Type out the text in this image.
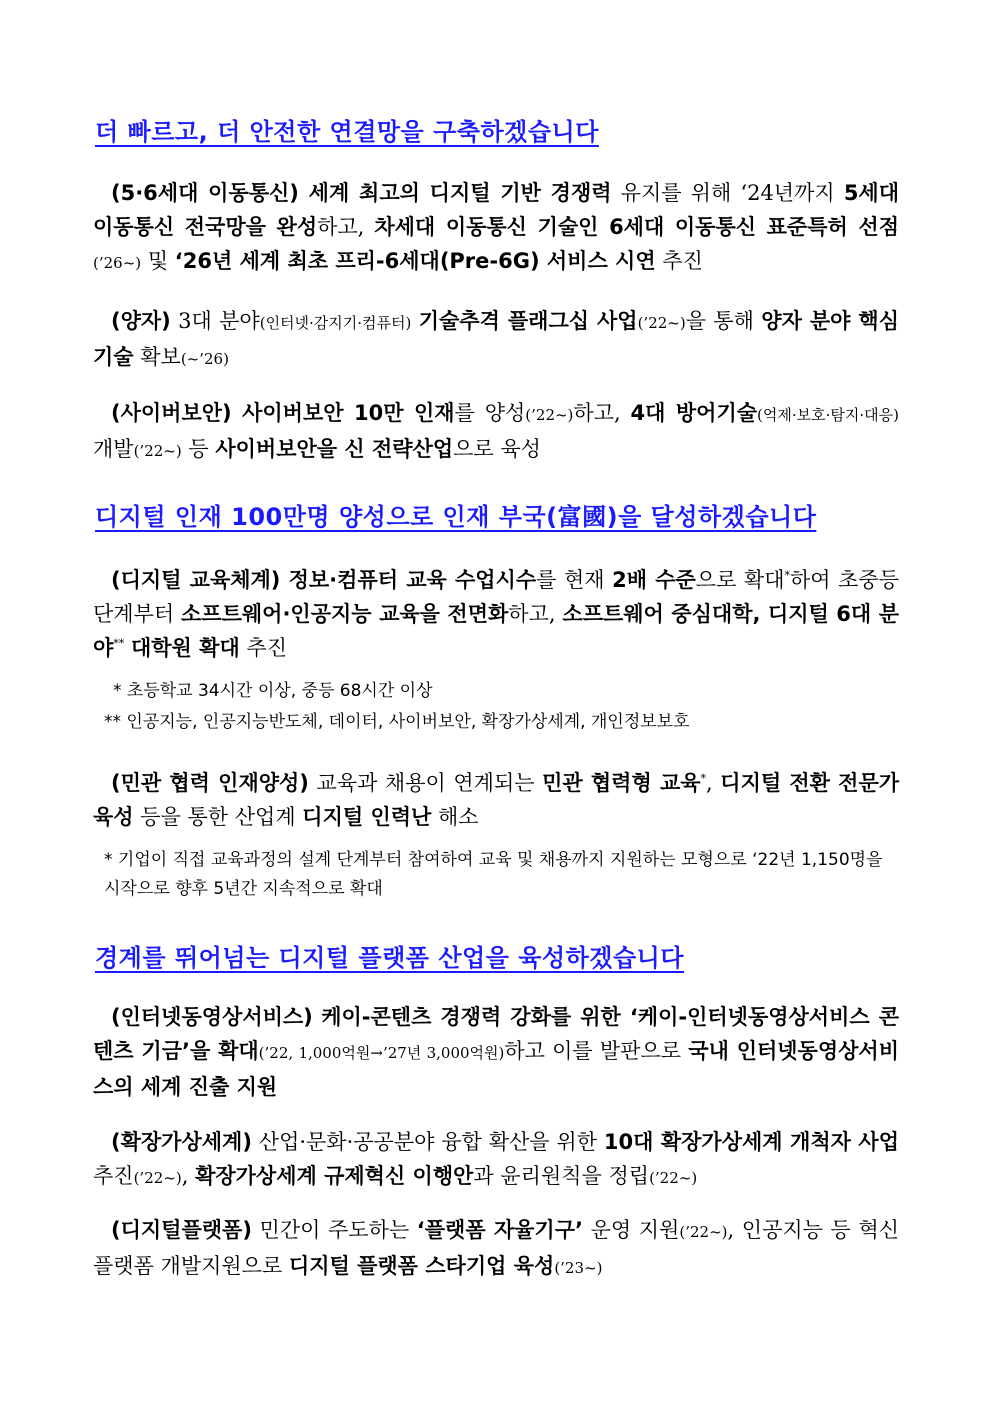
더 빠르고, 더 안전한 연결망을 구축하겠습니다
(5·6세대 이동통신) 세계 최고의 디지털 기반 경쟁력 유지를 위해 ‘24년까지 5세대 이동통신 전국망을 완성하고, 차세대 이동통신 기술인 6세대 이동통신 표준특허 선점(’26~) 및 ‘26년 세계 최초 프리-6세대(Pre-6G) 서비스 시연 추진
(양자) 3대 분야(인터넷·감지기·컴퓨터) 기술추격 플래그십 사업(’22~)을 통해 양자 분야 핵심기술 확보(~’26)
(사이버보안) 사이버보안 10만 인재를 양성(’22~)하고, 4대 방어기술(억제·보호·탐지·대응) 개발(’22~) 등 사이버보안을 신 전략산업으로 육성
디지털 인재 100만명 양성으로 인재 부국(富國)을 달성하겠습니다
(디지털 교육체계) 정보·컴퓨터 교육 수업시수를 현재 2배 수준으로 확대*하여 초중등 단계부터 소프트웨어·인공지능 교육을 전면화하고, 소프트웨어 중심대학, 디지털 6대 분야** 대학원 확대 추진
* 초등학교 34시간 이상, 중등 68시간 이상
** 인공지능, 인공지능반도체, 데이터, 사이버보안, 확장가상세계, 개인정보보호
(민관 협력 인재양성) 교육과 채용이 연계되는 민관 협력형 교육*, 디지털 전환 전문가 육성 등을 통한 산업계 디지털 인력난 해소
* 기업이 직접 교육과정의 설계 단계부터 참여하여 교육 및 채용까지 지원하는 모형으로 ‘22년 1,150명을 시작으로 향후 5년간 지속적으로 확대
경계를 뛰어넘는 디지털 플랫폼 산업을 육성하겠습니다
(인터넷동영상서비스) 케이-콘텐츠 경쟁력 강화를 위한 ‘케이-인터넷동영상서비스 콘텐츠 기금’을 확대(’22, 1,000억원→’27년 3,000억원)하고 이를 발판으로 국내 인터넷동영상서비스의 세계 진출 지원
(확장가상세계) 산업·문화·공공분야 융합 확산을 위한 10대 확장가상세계 개척자 사업 추진(’22~), 확장가상세계 규제혁신 이행안과 윤리원칙을 정립(’22~)
(디지털플랫폼) 민간이 주도하는 ‘플랫폼 자율기구’ 운영 지원(’22~), 인공지능 등 혁신 플랫폼 개발지원으로 디지털 플랫폼 스타기업 육성(’23~)
